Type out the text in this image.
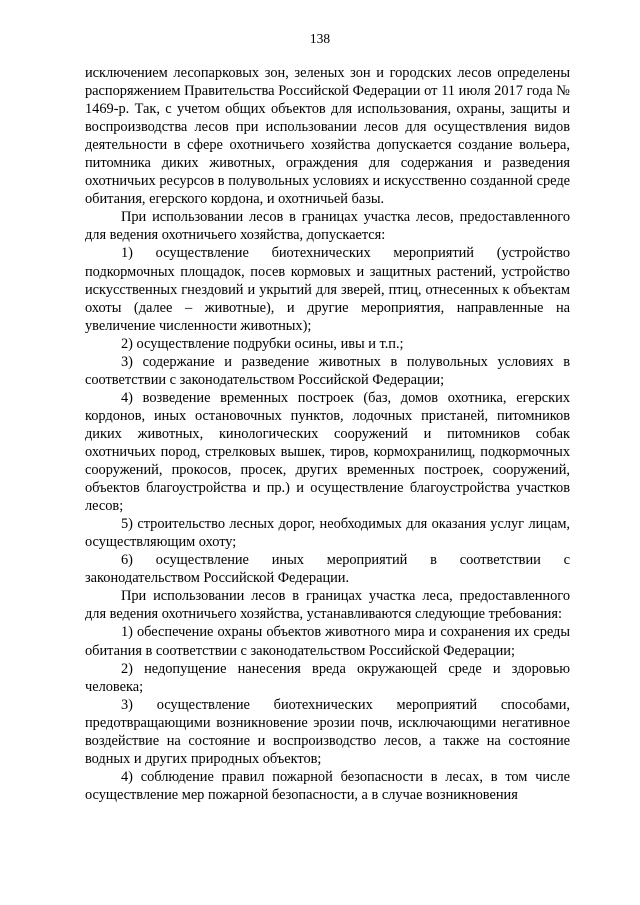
138

исключением лесопарковых зон, зеленых зон и городских лесов определены распоряжением Правительства Российской Федерации от 11 июля 2017 года № 1469-р. Так, с учетом общих объектов для использования, охраны, защиты и воспроизводства лесов при использовании лесов для осуществления видов деятельности в сфере охотничьего хозяйства допускается создание вольера, питомника диких животных, ограждения для содержания и разведения охотничьих ресурсов в полувольных условиях и искусственно созданной среде обитания, егерского кордона, и охотничьей базы.

При использовании лесов в границах участка лесов, предоставленного для ведения охотничьего хозяйства, допускается:

1) осуществление биотехнических мероприятий (устройство подкормочных площадок, посев кормовых и защитных растений, устройство искусственных гнездовий и укрытий для зверей, птиц, отнесенных к объектам охоты (далее – животные), и другие мероприятия, направленные на увеличение численности животных);

2) осуществление подрубки осины, ивы и т.п.;

3) содержание и разведение животных в полувольных условиях в соответствии с законодательством Российской Федерации;

4) возведение временных построек (баз, домов охотника, егерских кордонов, иных остановочных пунктов, лодочных пристаней, питомников диких животных, кинологических сооружений и питомников собак охотничьих пород, стрелковых вышек, тиров, кормохранилищ, подкормочных сооружений, прокосов, просек, других временных построек, сооружений, объектов благоустройства и пр.) и осуществление благоустройства участков лесов;

5) строительство лесных дорог, необходимых для оказания услуг лицам, осуществляющим охоту;

6) осуществление иных мероприятий в соответствии с законодательством Российской Федерации.

При использовании лесов в границах участка леса, предоставленного для ведения охотничьего хозяйства, устанавливаются следующие требования:

1) обеспечение охраны объектов животного мира и сохранения их среды обитания в соответствии с законодательством Российской Федерации;

2) недопущение нанесения вреда окружающей среде и здоровью человека;

3) осуществление биотехнических мероприятий способами, предотвращающими возникновение эрозии почв, исключающими негативное воздействие на состояние и воспроизводство лесов, а также на состояние водных и других природных объектов;

4) соблюдение правил пожарной безопасности в лесах, в том числе осуществление мер пожарной безопасности, а в случае возникновения
